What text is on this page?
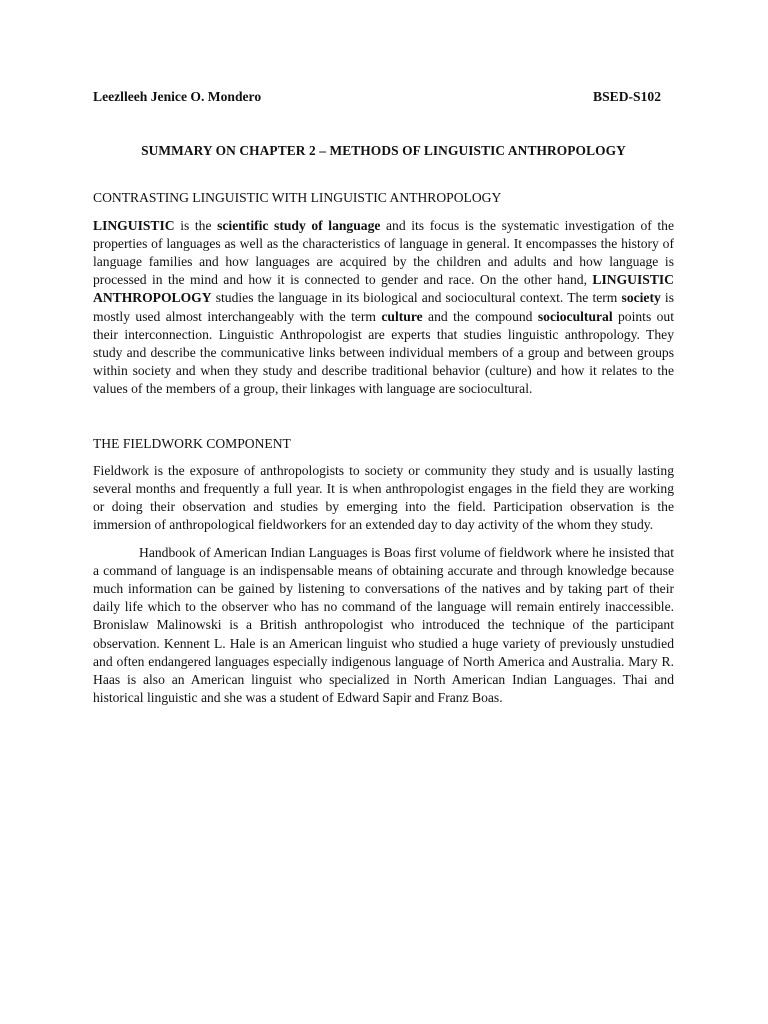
Leezlleeh Jenice O. Mondero	BSED-S102
SUMMARY ON CHAPTER 2 – METHODS OF LINGUISTIC ANTHROPOLOGY
CONTRASTING LINGUISTIC WITH LINGUISTIC ANTHROPOLOGY

LINGUISTIC is the scientific study of language and its focus is the systematic investigation of the properties of languages as well as the characteristics of language in general. It encompasses the history of language families and how languages are acquired by the children and adults and how language is processed in the mind and how it is connected to gender and race. On the other hand, LINGUISTIC ANTHROPOLOGY studies the language in its biological and sociocultural context. The term society is mostly used almost interchangeably with the term culture and the compound sociocultural points out their interconnection. Linguistic Anthropologist are experts that studies linguistic anthropology. They study and describe the communicative links between individual members of a group and between groups within society and when they study and describe traditional behavior (culture) and how it relates to the values of the members of a group, their linkages with language are sociocultural.

THE FIELDWORK COMPONENT

Fieldwork is the exposure of anthropologists to society or community they study and is usually lasting several months and frequently a full year. It is when anthropologist engages in the field they are working or doing their observation and studies by emerging into the field. Participation observation is the immersion of anthropological fieldworkers for an extended day to day activity of the whom they study.

Handbook of American Indian Languages is Boas first volume of fieldwork where he insisted that a command of language is an indispensable means of obtaining accurate and through knowledge because much information can be gained by listening to conversations of the natives and by taking part of their daily life which to the observer who has no command of the language will remain entirely inaccessible. Bronislaw Malinowski is a British anthropologist who introduced the technique of the participant observation. Kennent L. Hale is an American linguist who studied a huge variety of previously unstudied and often endangered languages especially indigenous language of North America and Australia. Mary R. Haas is also an American linguist who specialized in North American Indian Languages. Thai and historical linguistic and she was a student of Edward Sapir and Franz Boas.
